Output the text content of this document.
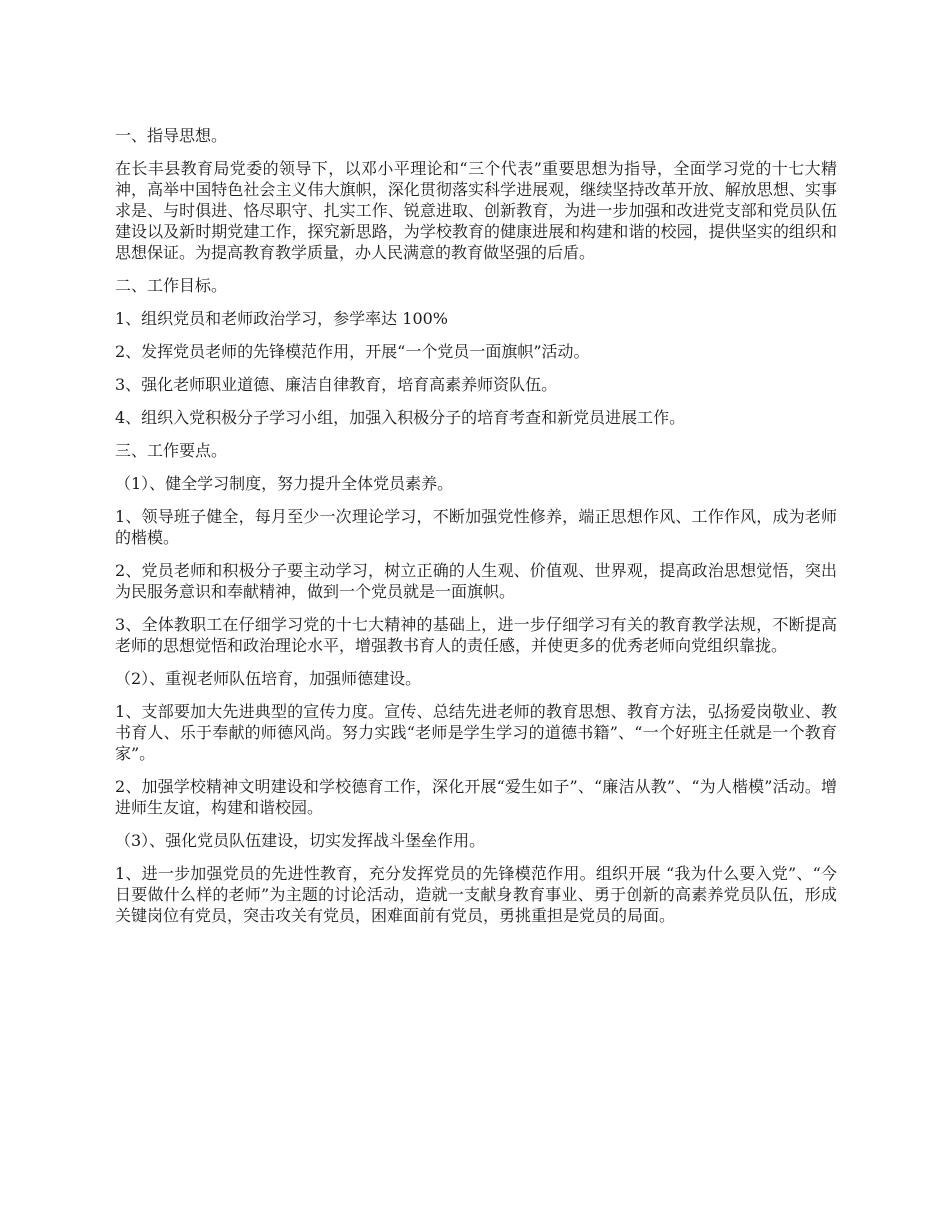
一、指导思想。

在长丰县教育局党委的领导下，以邓小平理论和“三个代表”重要思想为指导，全面学习党的十七大精神，高举中国特色社会主义伟大旗帜，深化贯彻落实科学进展观，继续坚持改革开放、解放思想、实事求是、与时俱进、恪尽职守、扎实工作、锐意进取、创新教育，为进一步加强和改进党支部和党员队伍建设以及新时期党建工作，探究新思路，为学校教育的健康进展和构建和谐的校园，提供坚实的组织和思想保证。为提高教育教学质量，办人民满意的教育做坚强的后盾。

二、工作目标。

1、组织党员和老师政治学习，参学率达 100%

2、发挥党员老师的先锋模范作用，开展“一个党员一面旗帜”活动。

3、强化老师职业道德、廉洁自律教育，培育高素养师资队伍。

4、组织入党积极分子学习小组，加强入积极分子的培育考查和新党员进展工作。

三、工作要点。

（1）、健全学习制度，努力提升全体党员素养。

1、领导班子健全，每月至少一次理论学习，不断加强党性修养，端正思想作风、工作作风，成为老师的楷模。

2、党员老师和积极分子要主动学习，树立正确的人生观、价值观、世界观，提高政治思想觉悟，突出为民服务意识和奉献精神，做到一个党员就是一面旗帜。

3、全体教职工在仔细学习党的十七大精神的基础上，进一步仔细学习有关的教育教学法规，不断提高老师的思想觉悟和政治理论水平，增强教书育人的责任感，并使更多的优秀老师向党组织靠拢。

（2）、重视老师队伍培育，加强师德建设。

1、支部要加大先进典型的宣传力度。宣传、总结先进老师的教育思想、教育方法，弘扬爱岗敬业、教书育人、乐于奉献的师德风尚。努力实践“老师是学生学习的道德书籍”、“一个好班主任就是一个教育家”。

2、加强学校精神文明建设和学校德育工作，深化开展“爱生如子”、“廉洁从教”、“为人楷模”活动。增进师生友谊，构建和谐校园。

（3）、强化党员队伍建设，切实发挥战斗堡垒作用。

1、进一步加强党员的先进性教育，充分发挥党员的先锋模范作用。组织开展 “我为什么要入党”、“今日要做什么样的老师”为主题的讨论活动，造就一支献身教育事业、勇于创新的高素养党员队伍，形成关键岗位有党员，突击攻关有党员，困难面前有党员，勇挑重担是党员的局面。
